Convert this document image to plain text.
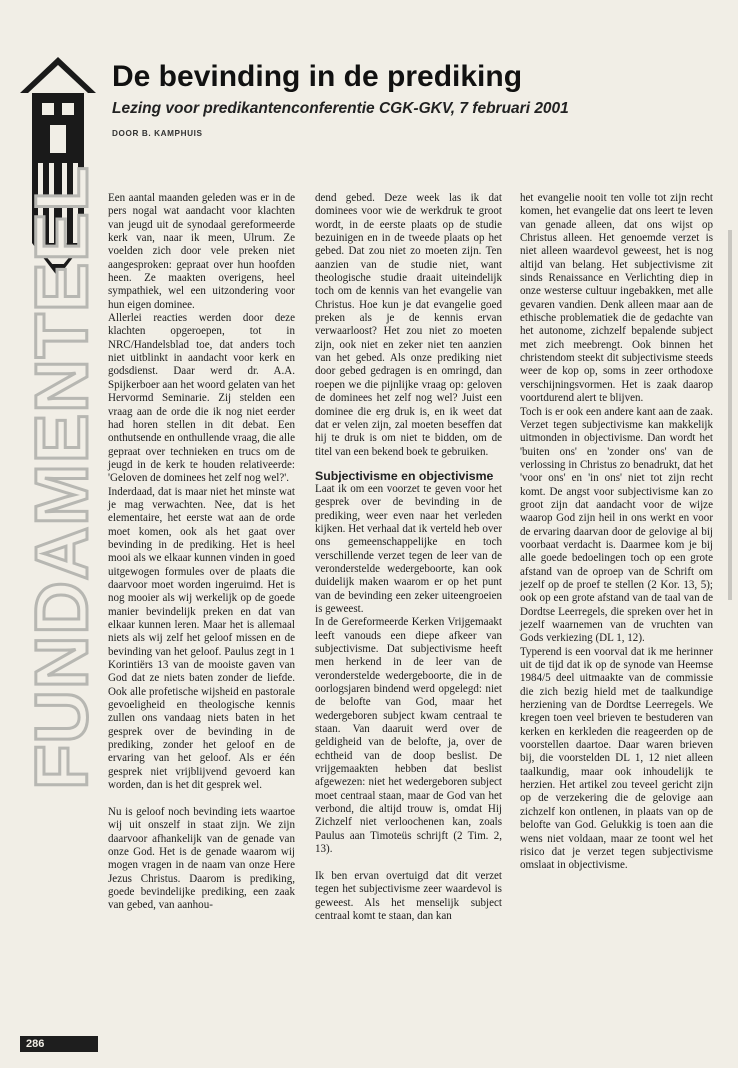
FUNDAMENTEEL
De bevinding in de prediking
Lezing voor predikantenconferentie CGK-GKV, 7 februari 2001
DOOR B. KAMPHUIS

Een aantal maanden geleden was er in de pers nogal wat aandacht voor klachten van jeugd uit de synodaal gereformeerde kerk van, naar ik meen, Ulrum. Ze voelden zich door vele preken niet aangesproken: gepraat over hun hoofden heen. Ze maakten overigens, heel sympathiek, wel een uitzondering voor hun eigen dominee.

Allerlei reacties werden door deze klachten opgeroepen, tot in NRC/Handelsblad toe, dat anders toch niet uitblinkt in aandacht voor kerk en godsdienst. Daar werd dr. A.A. Spijkerboer aan het woord gelaten van het Hervormd Seminarie. Zij stelden een vraag aan de orde die ik nog niet eerder had horen stellen in dit debat. Een onthutsende en onthullende vraag, die alle gepraat over technieken en trucs om de jeugd in de kerk te houden relativeerde: 'Geloven de dominees het zelf nog wel?'.

Inderdaad, dat is maar niet het minste wat je mag verwachten. Nee, dat is het elementaire, het eerste wat aan de orde moet komen, ook als het gaat over bevinding in de prediking. Het is heel mooi als we elkaar kunnen vinden in goed uitgewogen formules over de plaats die daarvoor moet worden ingeruimd. Het is nog mooier als wij werkelijk op de goede manier bevindelijk preken en dat van elkaar kunnen leren. Maar het is allemaal niets als wij zelf het geloof missen en de bevinding van het geloof. Paulus zegt in 1 Korintiërs 13 van de mooiste gaven van God dat ze niets baten zonder de liefde. Ook alle profetische wijsheid en pastorale gevoeligheid en theologische kennis zullen ons vandaag niets baten in het gesprek over de bevinding in de prediking, zonder het geloof en de ervaring van het geloof. Als er één gesprek niet vrijblijvend gevoerd kan worden, dan is het dit gesprek wel.

Nu is geloof noch bevinding iets waartoe wij uit onszelf in staat zijn. We zijn daarvoor afhankelijk van de genade van onze God. Het is de genade waarom wij mogen vragen in de naam van onze Here Jezus Christus. Daarom is prediking, goede bevindelijke prediking, een zaak van gebed, van aanhou-

dend gebed. Deze week las ik dat dominees voor wie de werkdruk te groot wordt, in de eerste plaats op de studie bezuinigen en in de tweede plaats op het gebed. Dat zou niet zo moeten zijn. Ten aanzien van de studie niet, want theologische studie draait uiteindelijk toch om de kennis van het evangelie van Christus. Hoe kun je dat evangelie goed preken als je de kennis ervan verwaarloost? Het zou niet zo moeten zijn, ook niet en zeker niet ten aanzien van het gebed. Als onze prediking niet door gebed gedragen is en omringd, dan roepen we die pijnlijke vraag op: geloven de dominees het zelf nog wel? Juist een dominee die erg druk is, en ik weet dat dat er velen zijn, zal moeten beseffen dat hij te druk is om niet te bidden, om de titel van een bekend boek te gebruiken.

Subjectivisme en objectivisme

Laat ik om een voorzet te geven voor het gesprek over de bevinding in de prediking, weer even naar het verleden kijken. Het verhaal dat ik verteld heb over ons gemeenschappelijke en toch verschillende verzet tegen de leer van de veronderstelde wedergeboorte, kan ook duidelijk maken waarom er op het punt van de bevinding een zeker uiteengroeien is geweest.

In de Gereformeerde Kerken Vrijgemaakt leeft vanouds een diepe afkeer van subjectivisme. Dat subjectivisme heeft men herkend in de leer van de veronderstelde wedergeboorte, die in de oorlogsjaren bindend werd opgelegd: niet de belofte van God, maar het wedergeboren subject kwam centraal te staan. Van daaruit werd over de geldigheid van de belofte, ja, over de echtheid van de doop beslist. De vrijgemaakten hebben dat beslist afgewezen: niet het wedergeboren subject moet centraal staan, maar de God van het verbond, die altijd trouw is, omdat Hij Zichzelf niet verloochenen kan, zoals Paulus aan Timoteüs schrijft (2 Tim. 2, 13).

Ik ben ervan overtuigd dat dit verzet tegen het subjectivisme zeer waardevol is geweest. Als het menselijk subject centraal komt te staan, dan kan

het evangelie nooit ten volle tot zijn recht komen, het evangelie dat ons leert te leven van genade alleen, dat ons wijst op Christus alleen. Het genoemde verzet is niet alleen waardevol geweest, het is nog altijd van belang. Het subjectivisme zit sinds Renaissance en Verlichting diep in onze westerse cultuur ingebakken, met alle gevaren vandien. Denk alleen maar aan de ethische problematiek die de gedachte van het autonome, zichzelf bepalende subject met zich meebrengt. Ook binnen het christendom steekt dit subjectivisme steeds weer de kop op, soms in zeer orthodoxe verschijningsvormen. Het is zaak daarop voortdurend alert te blijven.

Toch is er ook een andere kant aan de zaak. Verzet tegen subjectivisme kan makkelijk uitmonden in objectivisme. Dan wordt het 'buiten ons' en 'zonder ons' van de verlossing in Christus zo benadrukt, dat het 'voor ons' en 'in ons' niet tot zijn recht komt. De angst voor subjectivisme kan zo groot zijn dat aandacht voor de wijze waarop God zijn heil in ons werkt en voor de ervaring daarvan door de gelovige al bij voorbaat verdacht is. Daarmee kom je bij alle goede bedoelingen toch op een grote afstand van de oproep van de Schrift om jezelf op de proef te stellen (2 Kor. 13, 5); ook op een grote afstand van de taal van de Dordtse Leerregels, die spreken over het in jezelf waarnemen van de vruchten van Gods verkiezing (DL 1, 12).

Typerend is een voorval dat ik me herinner uit de tijd dat ik op de synode van Heemse 1984/5 deel uitmaakte van de commissie die zich bezig hield met de taalkundige herziening van de Dordtse Leerregels. We kregen toen veel brieven te bestuderen van kerken en kerkleden die reageerden op de voorstellen daartoe. Daar waren brieven bij, die voorstelden DL 1, 12 niet alleen taalkundig, maar ook inhoudelijk te herzien. Het artikel zou teveel gericht zijn op de verzekering die de gelovige aan zichzelf kon ontlenen, in plaats van op de belofte van God. Gelukkig is toen aan die wens niet voldaan, maar ze toont wel het risico dat je verzet tegen subjectivisme omslaat in objectivisme.

286
